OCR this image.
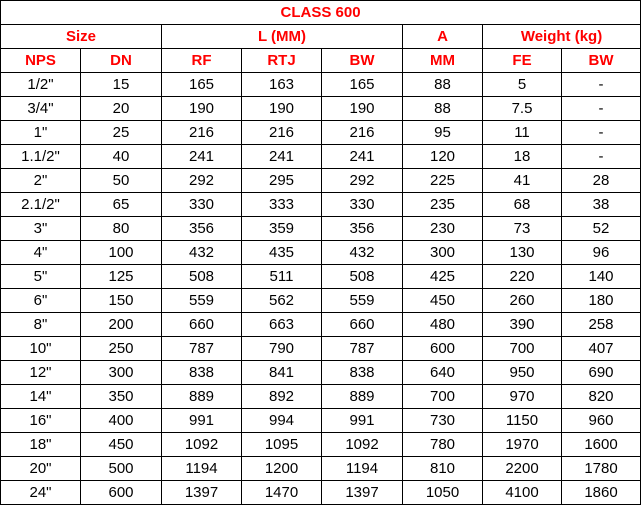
CLASS 600							
Size		L (MM)			A	Weight (kg)	
NPS	DN	RF	RTJ	BW	MM	FE	BW
1/2"	15	165	163	165	88	5	-
3/4"	20	190	190	190	88	7.5	-
1"	25	216	216	216	95	11	-
1.1/2"	40	241	241	241	120	18	-
2"	50	292	295	292	225	41	28
2.1/2"	65	330	333	330	235	68	38
3"	80	356	359	356	230	73	52
4"	100	432	435	432	300	130	96
5"	125	508	511	508	425	220	140
6"	150	559	562	559	450	260	180
8"	200	660	663	660	480	390	258
10"	250	787	790	787	600	700	407
12"	300	838	841	838	640	950	690
14"	350	889	892	889	700	970	820
16"	400	991	994	991	730	1150	960
18"	450	1092	1095	1092	780	1970	1600
20"	500	1194	1200	1194	810	2200	1780
24"	600	1397	1470	1397	1050	4100	1860
